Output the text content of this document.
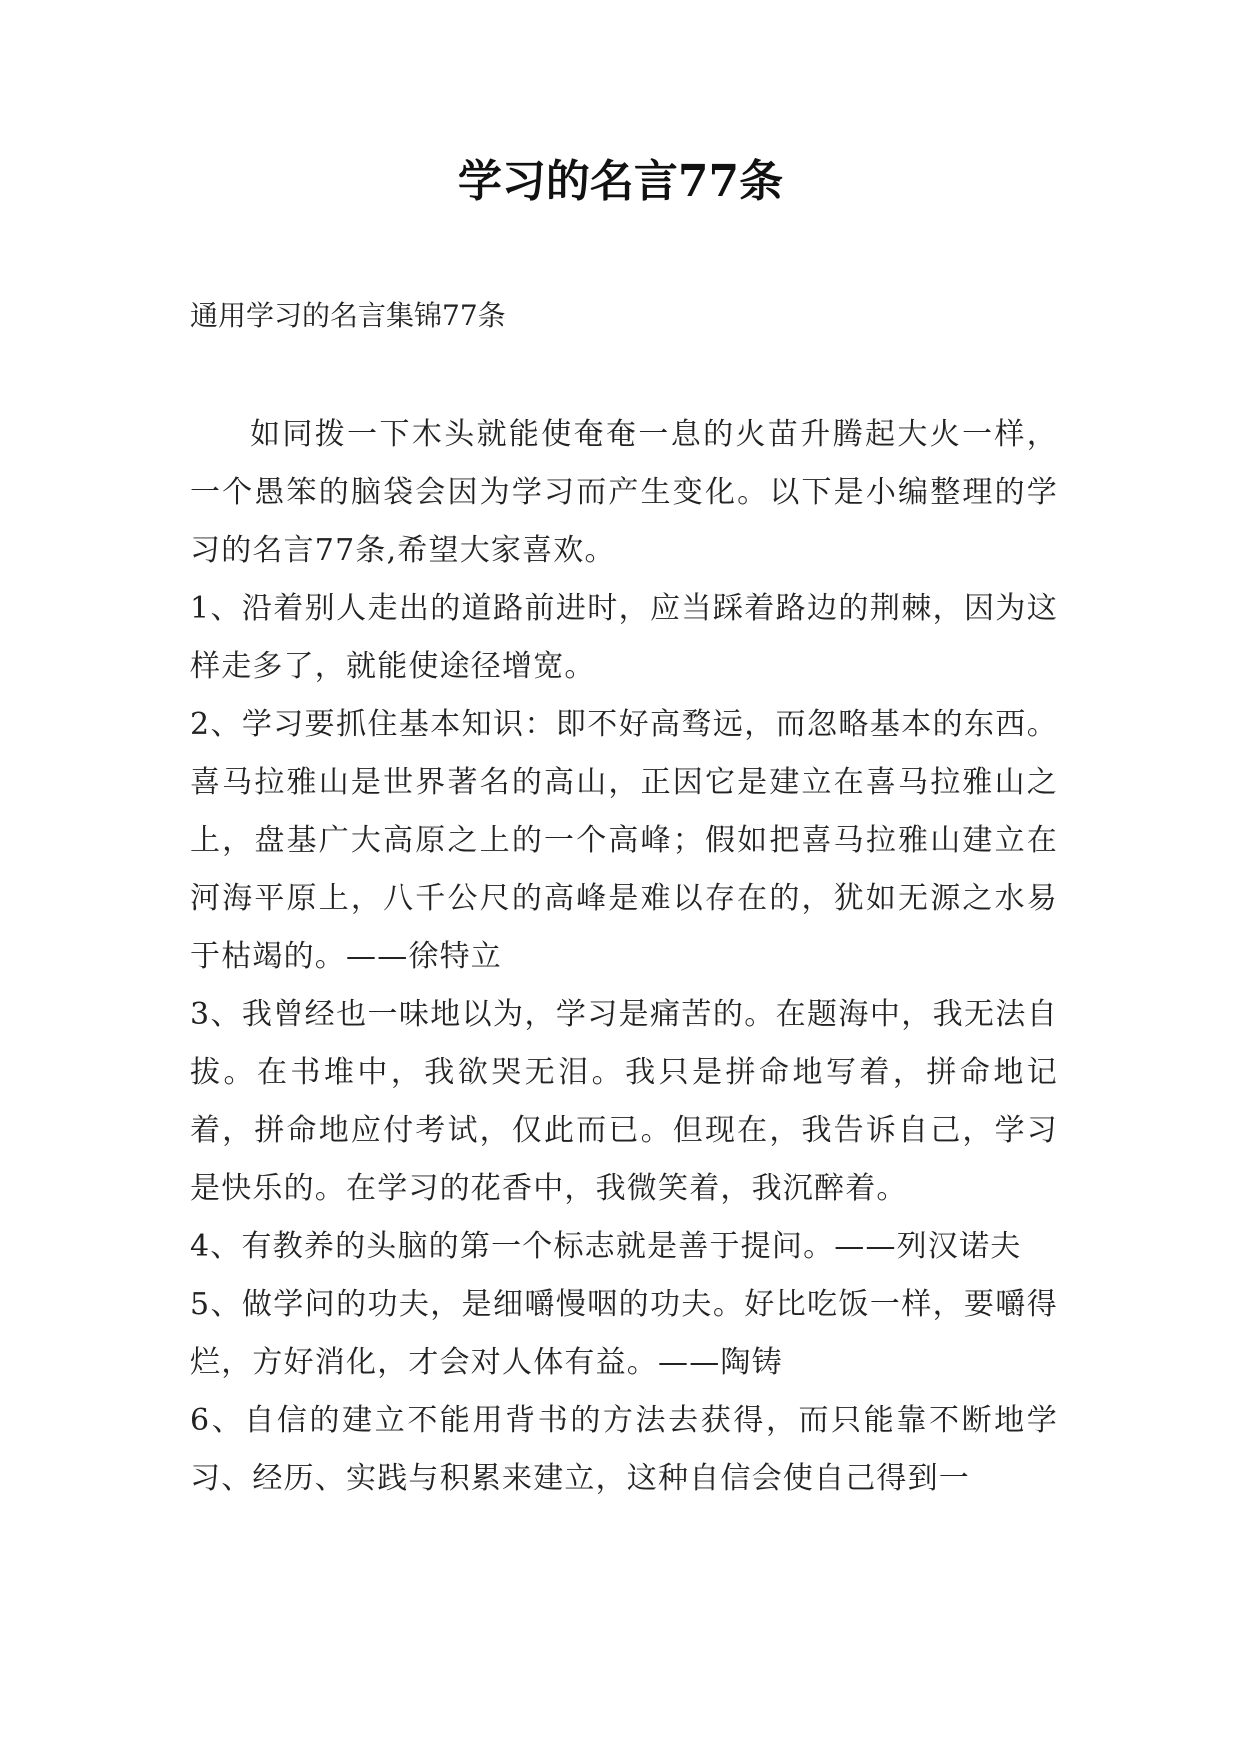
学习的名言77条

通用学习的名言集锦77条

如同拨一下木头就能使奄奄一息的火苗升腾起大火一样，一个愚笨的脑袋会因为学习而产生变化。以下是小编整理的学习的名言77条,希望大家喜欢。

1、沿着别人走出的道路前进时，应当踩着路边的荆棘，因为这样走多了，就能使途径增宽。

2、学习要抓住基本知识：即不好高骛远，而忽略基本的东西。喜马拉雅山是世界著名的高山，正因它是建立在喜马拉雅山之上，盘基广大高原之上的一个高峰；假如把喜马拉雅山建立在河海平原上，八千公尺的高峰是难以存在的，犹如无源之水易于枯竭的。——徐特立

3、我曾经也一味地以为，学习是痛苦的。在题海中，我无法自拔。在书堆中，我欲哭无泪。我只是拼命地写着，拼命地记着，拼命地应付考试，仅此而已。但现在，我告诉自己，学习是快乐的。在学习的花香中，我微笑着，我沉醉着。

4、有教养的头脑的第一个标志就是善于提问。——列汉诺夫

5、做学问的功夫，是细嚼慢咽的功夫。好比吃饭一样，要嚼得烂，方好消化，才会对人体有益。——陶铸

6、自信的建立不能用背书的方法去获得，而只能靠不断地学习、经历、实践与积累来建立，这种自信会使自己得到一
